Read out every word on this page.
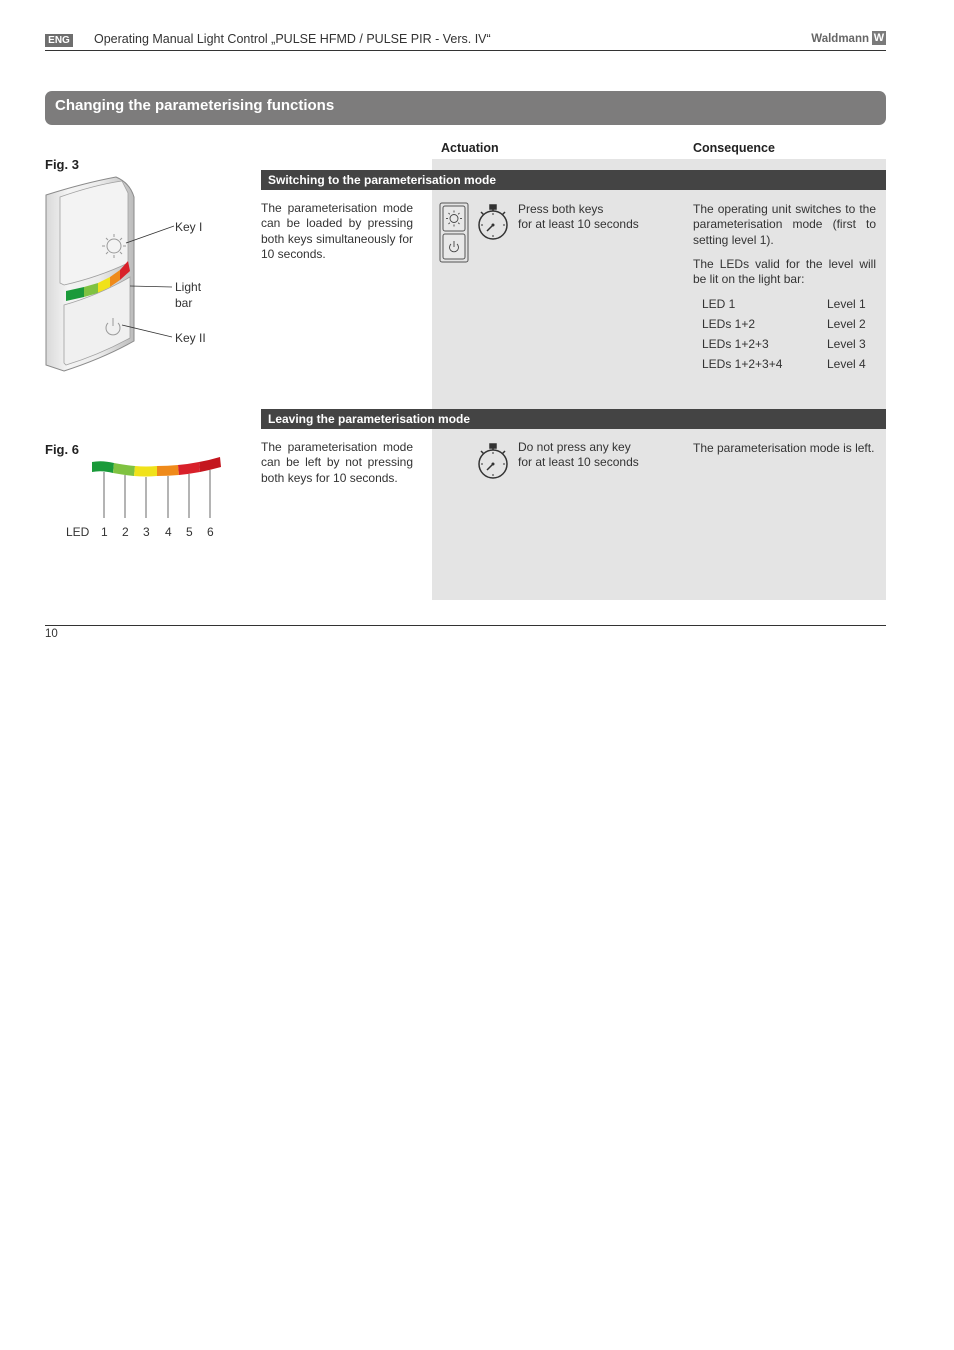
ENG Operating Manual Light Control „PULSE HFMD / PULSE PIR - Vers. IV“	Waldmann W
Changing the parameterising functions
Actuation	Consequence
Fig. 3
Key I
Light
bar
Key II
Switching to the parameterisation mode
The parameterisation mode can be loaded by pressing both keys simultaneously for 10 seconds.
Press both keys
for at least 10 seconds
The operating unit switches to the parameterisation mode (first to setting level 1).
The LEDs valid for the level will be lit on the light bar:
LED 1	Level 1
LEDs 1+2	Level 2
LEDs 1+2+3	Level 3
LEDs 1+2+3+4	Level 4
Leaving the parameterisation mode
The parameterisation mode can be left by not pressing both keys for 10 seconds.
Do not press any key
for at least 10 seconds
The parameterisation mode is left.
Fig. 6
LED 1 2 3 4 5 6
10
